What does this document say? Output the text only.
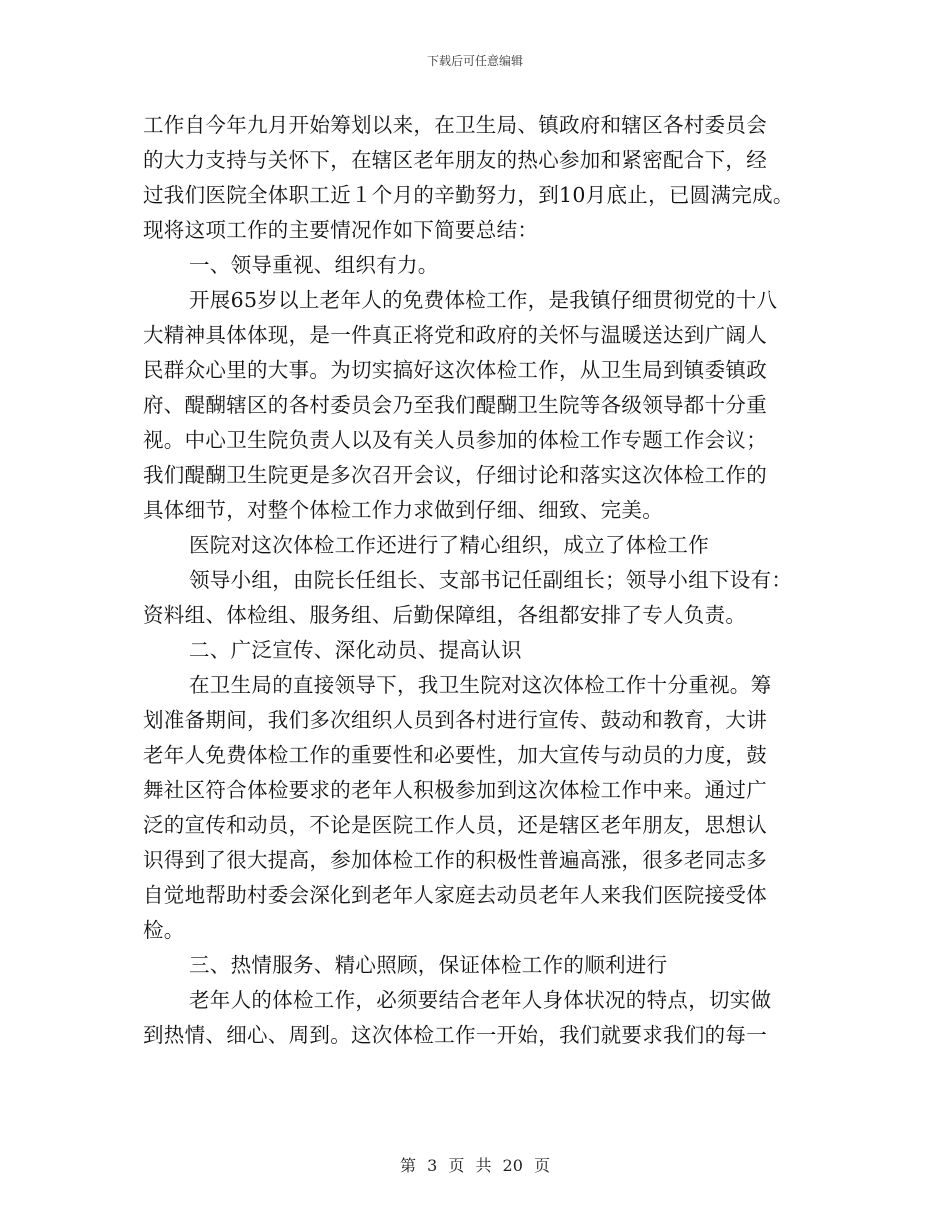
下载后可任意编辑
工作自今年九月开始筹划以来，在卫生局、镇政府和辖区各村委员会
的大力支持与关怀下，在辖区老年朋友的热心参加和紧密配合下，经
过我们医院全体职工近１个月的辛勤努力，到10月底止，已圆满完成。
现将这项工作的主要情况作如下简要总结：
一、领导重视、组织有力。
开展65岁以上老年人的免费体检工作，是我镇仔细贯彻党的十八
大精神具体体现，是一件真正将党和政府的关怀与温暖送达到广阔人
民群众心里的大事。为切实搞好这次体检工作，从卫生局到镇委镇政
府、醍醐辖区的各村委员会乃至我们醍醐卫生院等各级领导都十分重
视。中心卫生院负责人以及有关人员参加的体检工作专题工作会议；
我们醍醐卫生院更是多次召开会议，仔细讨论和落实这次体检工作的
具体细节，对整个体检工作力求做到仔细、细致、完美。
医院对这次体检工作还进行了精心组织，成立了体检工作
领导小组，由院长任组长、支部书记任副组长；领导小组下设有：
资料组、体检组、服务组、后勤保障组，各组都安排了专人负责。
二、广泛宣传、深化动员、提高认识
在卫生局的直接领导下，我卫生院对这次体检工作十分重视。筹
划准备期间，我们多次组织人员到各村进行宣传、鼓动和教育，大讲
老年人免费体检工作的重要性和必要性，加大宣传与动员的力度，鼓
舞社区符合体检要求的老年人积极参加到这次体检工作中来。通过广
泛的宣传和动员，不论是医院工作人员，还是辖区老年朋友，思想认
识得到了很大提高，参加体检工作的积极性普遍高涨，很多老同志多
自觉地帮助村委会深化到老年人家庭去动员老年人来我们医院接受体
检。
三、热情服务、精心照顾，保证体检工作的顺利进行
老年人的体检工作，必须要结合老年人身体状况的特点，切实做
到热情、细心、周到。这次体检工作一开始，我们就要求我们的每一
第 3 页 共 20 页
